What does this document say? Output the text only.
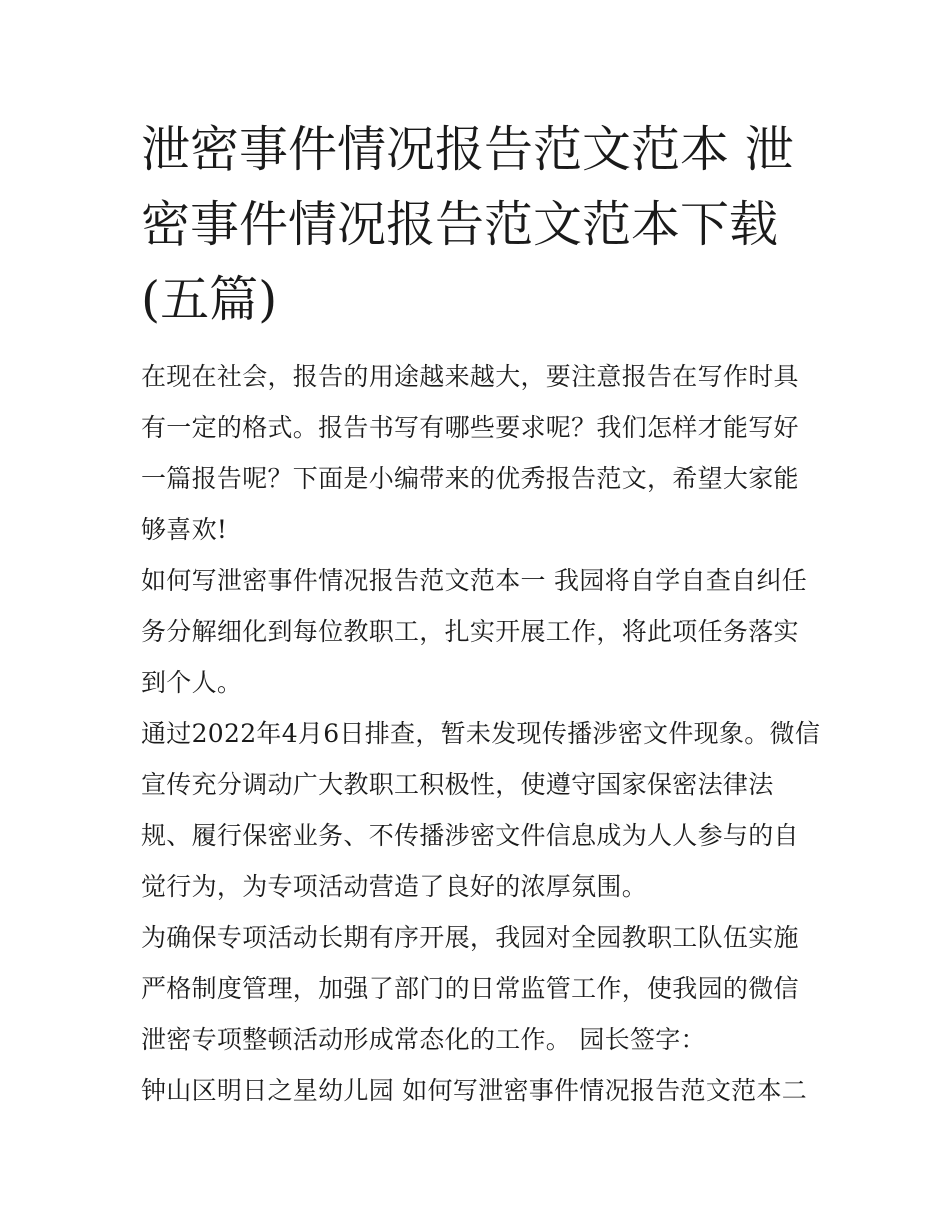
泄密事件情况报告范文范本 泄密事件情况报告范文范本下载(五篇)

在现在社会，报告的用途越来越大，要注意报告在写作时具有一定的格式。报告书写有哪些要求呢？我们怎样才能写好一篇报告呢？下面是小编带来的优秀报告范文，希望大家能够喜欢!

如何写泄密事件情况报告范文范本一 我园将自学自查自纠任务分解细化到每位教职工，扎实开展工作，将此项任务落实到个人。

通过2022年4月6日排查，暂未发现传播涉密文件现象。微信宣传充分调动广大教职工积极性，使遵守国家保密法律法规、履行保密业务、不传播涉密文件信息成为人人参与的自觉行为，为专项活动营造了良好的浓厚氛围。

为确保专项活动长期有序开展，我园对全园教职工队伍实施严格制度管理，加强了部门的日常监管工作，使我园的微信泄密专项整顿活动形成常态化的工作。 园长签字：

钟山区明日之星幼儿园 如何写泄密事件情况报告范文范本二
